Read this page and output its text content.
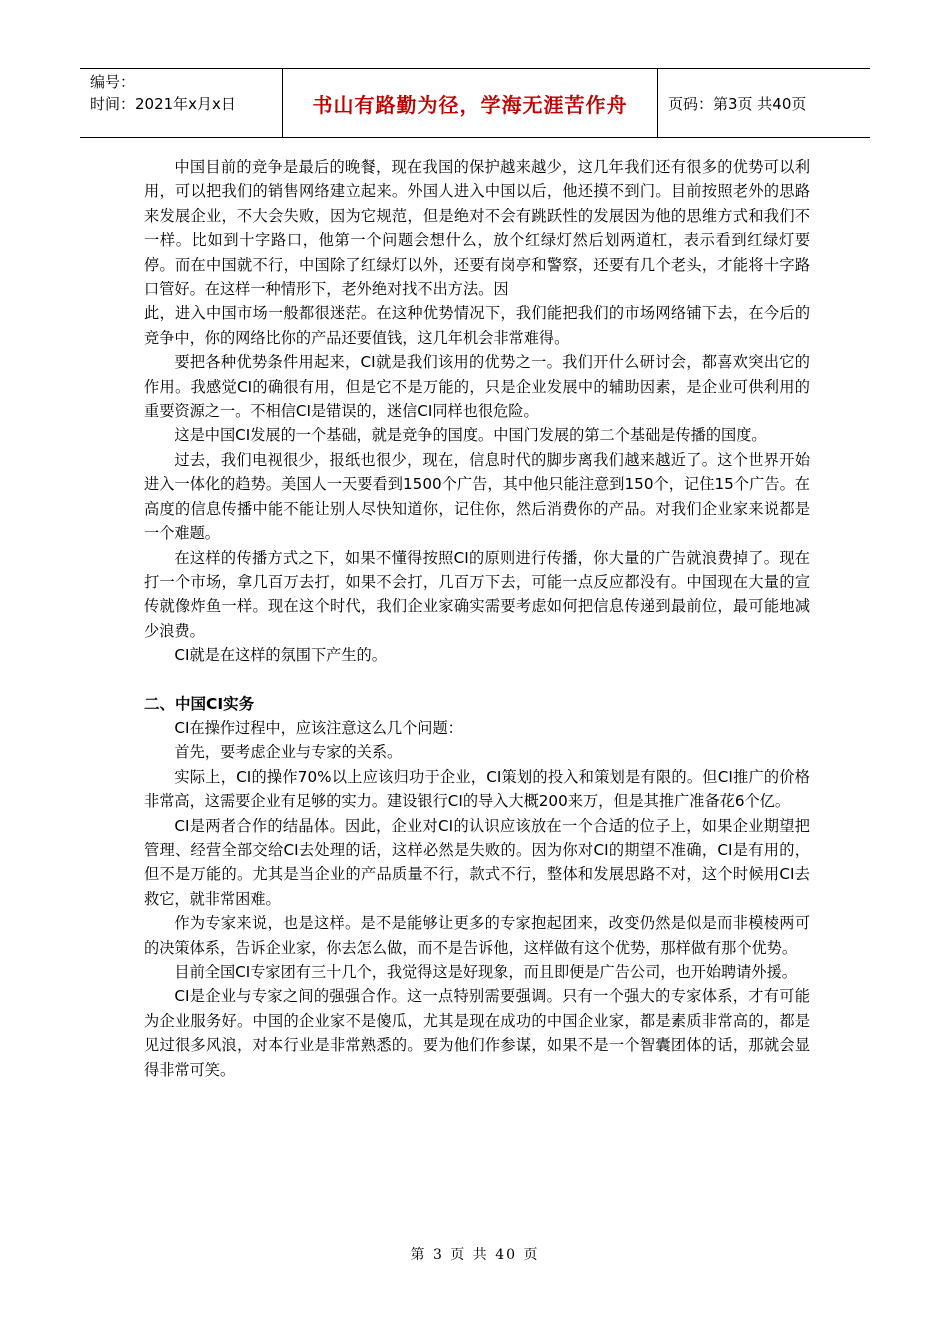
编号：
时间：2021年x月x日	书山有路勤为径，学海无涯苦作舟	页码：第3页 共40页

中国目前的竞争是最后的晚餐，现在我国的保护越来越少，这几年我们还有很多的优势可以利用，可以把我们的销售网络建立起来。外国人进入中国以后，他还摸不到门。目前按照老外的思路来发展企业，不大会失败，因为它规范，但是绝对不会有跳跃性的发展因为他的思维方式和我们不一样。比如到十字路口，他第一个问题会想什么，放个红绿灯然后划两道杠，表示看到红绿灯要停。而在中国就不行，中国除了红绿灯以外，还要有岗亭和警察，还要有几个老头，才能将十字路口管好。在这样一种情形下，老外绝对找不出方法。因

此，进入中国市场一般都很迷茫。在这种优势情况下，我们能把我们的市场网络铺下去，在今后的竞争中，你的网络比你的产品还要值钱，这几年机会非常难得。

要把各种优势条件用起来，CI就是我们该用的优势之一。我们开什么研讨会，都喜欢突出它的作用。我感觉CI的确很有用，但是它不是万能的，只是企业发展中的辅助因素，是企业可供利用的重要资源之一。不相信CI是错误的，迷信CI同样也很危险。

这是中国CI发展的一个基础，就是竞争的国度。中国门发展的第二个基础是传播的国度。

过去，我们电视很少，报纸也很少，现在，信息时代的脚步离我们越来越近了。这个世界开始进入一体化的趋势。美国人一天要看到1500个广告，其中他只能注意到150个，记住15个广告。在高度的信息传播中能不能让别人尽快知道你，记住你，然后消费你的产品。对我们企业家来说都是一个难题。

在这样的传播方式之下，如果不懂得按照CI的原则进行传播，你大量的广告就浪费掉了。现在打一个市场，拿几百万去打，如果不会打，几百万下去，可能一点反应都没有。中国现在大量的宣传就像炸鱼一样。现在这个时代，我们企业家确实需要考虑如何把信息传递到最前位，最可能地减少浪费。

CI就是在这样的氛围下产生的。

二、中国CI实务

CI在操作过程中，应该注意这么几个问题：

首先，要考虑企业与专家的关系。

实际上，CI的操作70%以上应该归功于企业，CI策划的投入和策划是有限的。但CI推广的价格非常高，这需要企业有足够的实力。建设银行CI的导入大概200来万，但是其推广准备花6个亿。

CI是两者合作的结晶体。因此，企业对CI的认识应该放在一个合适的位子上，如果企业期望把管理、经营全部交给CI去处理的话，这样必然是失败的。因为你对CI的期望不准确，CI是有用的，但不是万能的。尤其是当企业的产品质量不行，款式不行，整体和发展思路不对，这个时候用CI去救它，就非常困难。

作为专家来说，也是这样。是不是能够让更多的专家抱起团来，改变仍然是似是而非模棱两可的决策体系，告诉企业家，你去怎么做，而不是告诉他，这样做有这个优势，那样做有那个优势。

目前全国CI专家团有三十几个，我觉得这是好现象，而且即便是广告公司，也开始聘请外援。

CI是企业与专家之间的强强合作。这一点特别需要强调。只有一个强大的专家体系，才有可能为企业服务好。中国的企业家不是傻瓜，尤其是现在成功的中国企业家，都是素质非常高的，都是见过很多风浪，对本行业是非常熟悉的。要为他们作参谋，如果不是一个智囊团体的话，那就会显得非常可笑。

第 3 页 共 40 页
